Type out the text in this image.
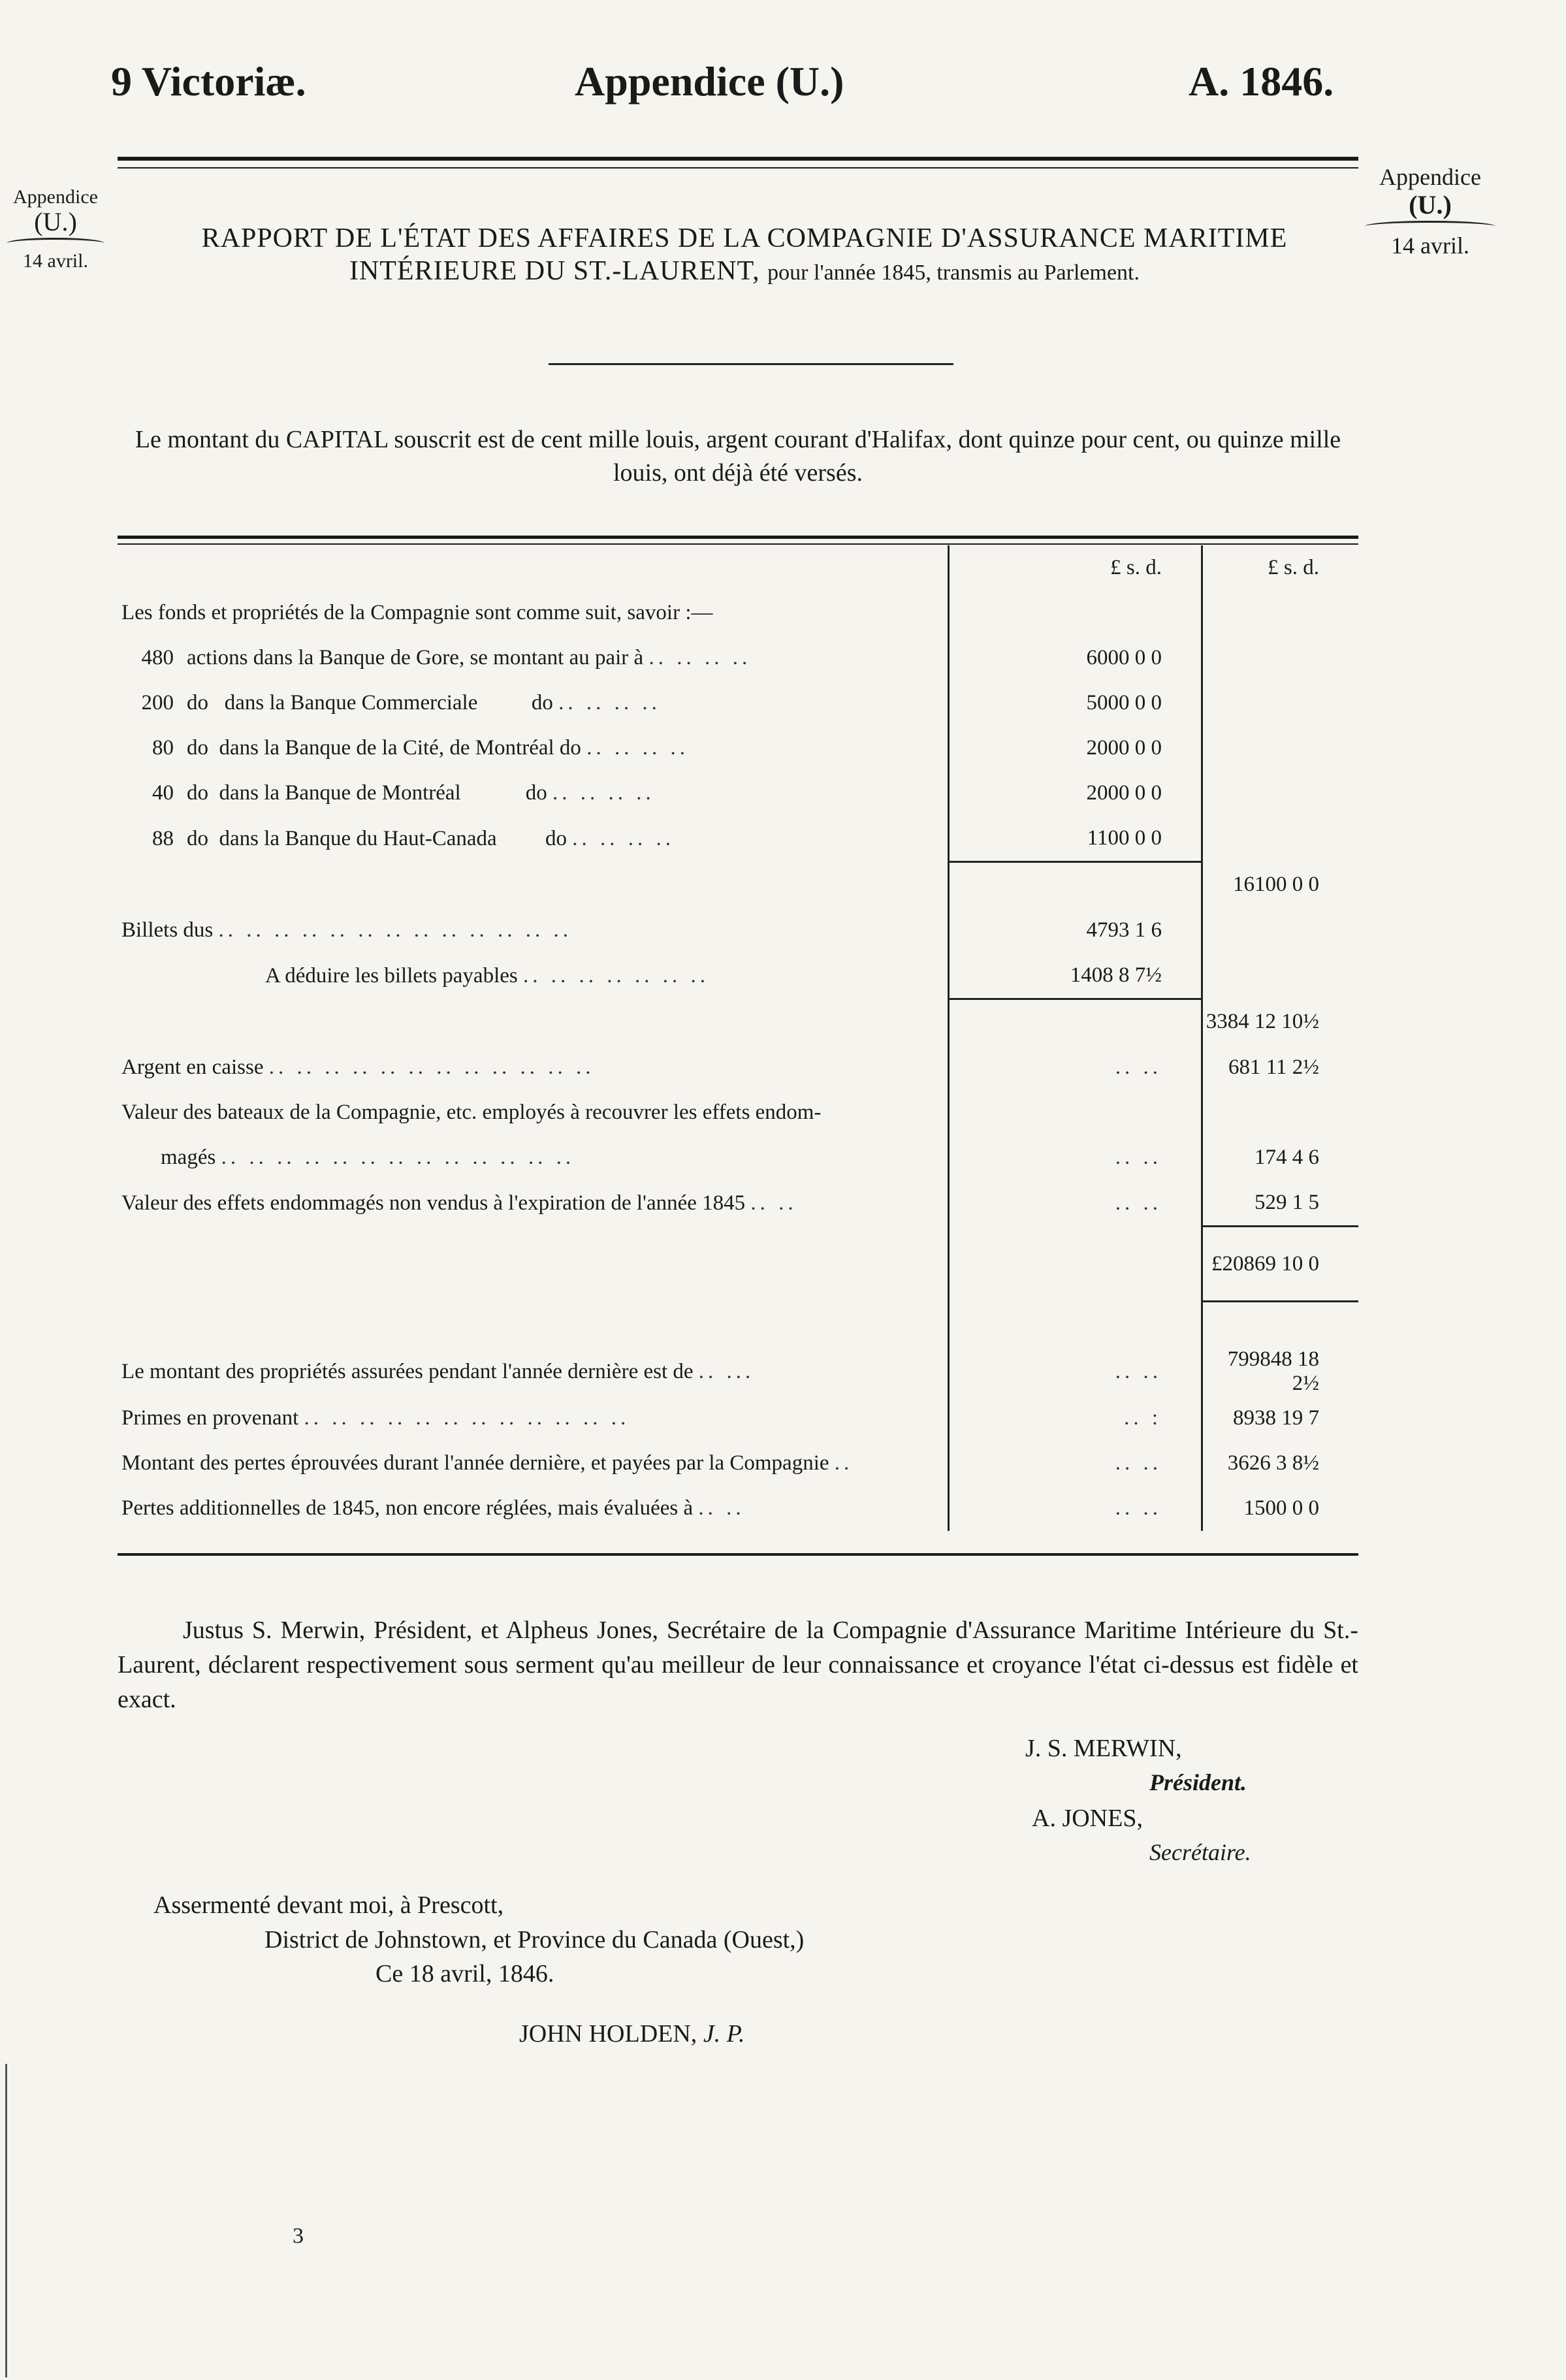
9 Victoriæ.	Appendice (U.)	A. 1846.
Appendice
(U.)
14 avril.
Appendice
(U.)
14 avril.
RAPPORT DE L'ÉTAT DES AFFAIRES DE LA COMPAGNIE D'ASSURANCE MARITIME
INTÉRIEURE DU ST.-LAURENT, pour l'année 1845, transmis au Parlement.
Le montant du CAPITAL souscrit est de cent mille louis, argent courant d'Halifax, dont quinze pour cent, ou quinze mille louis, ont déjà été versés.
	£ s. d.	£ s. d.
Les fonds et propriétés de la Compagnie sont comme suit, savoir :—		
480 actions dans la Banque de Gore, se montant au pair à .. .. .. ..	6000 0 0	
200 do   dans la Banque Commerciale          do .. .. .. ..	5000 0 0	
80 do  dans la Banque de la Cité, de Montréal do .. .. .. ..	2000 0 0	
40 do  dans la Banque de Montréal            do .. .. .. ..	2000 0 0	
88 do  dans la Banque du Haut-Canada         do .. .. .. ..	1100 0 0	
		16100 0 0
Billets dus .. .. .. .. .. .. .. .. .. .. .. .. ..	4793 1 6	
A déduire les billets payables .. .. .. .. .. .. ..	1408 8 7½	
		3384 12 10½
Argent en caisse .. .. .. .. .. .. .. .. .. .. .. ..	.. ..	681 11 2½
Valeur des bateaux de la Compagnie, etc. employés à recouvrer les effets endom-		
magés .. .. .. .. .. .. .. .. .. .. .. .. ..	.. ..	174 4 6
Valeur des effets endommagés non vendus à l'expiration de l'année 1845 .. ..	.. ..	529 1 5
		£20869 10 0

Le montant des propriétés assurées pendant l'année dernière est de .. ...	.. ..	799848 18 2½
Primes en provenant .. .. .. .. .. .. .. .. .. .. .. ..	.. :	8938 19 7
Montant des pertes éprouvées durant l'année dernière, et payées par la Compagnie ..	.. ..	3626 3 8½
Pertes additionnelles de 1845, non encore réglées, mais évaluées à .. ..	.. ..	1500 0 0
Justus S. Merwin, Président, et Alpheus Jones, Secrétaire de la Compagnie d'Assurance Maritime Intérieure du St.-Laurent, déclarent respectivement sous serment qu'au meilleur de leur connaissance et croyance l'état ci-dessus est fidèle et exact.
J. S. MERWIN,
Président.
A. JONES,
Secrétaire.
Assermenté devant moi, à Prescott,
District de Johnstown, et Province du Canada (Ouest,)
Ce 18 avril, 1846.
JOHN HOLDEN, J. P.
3
